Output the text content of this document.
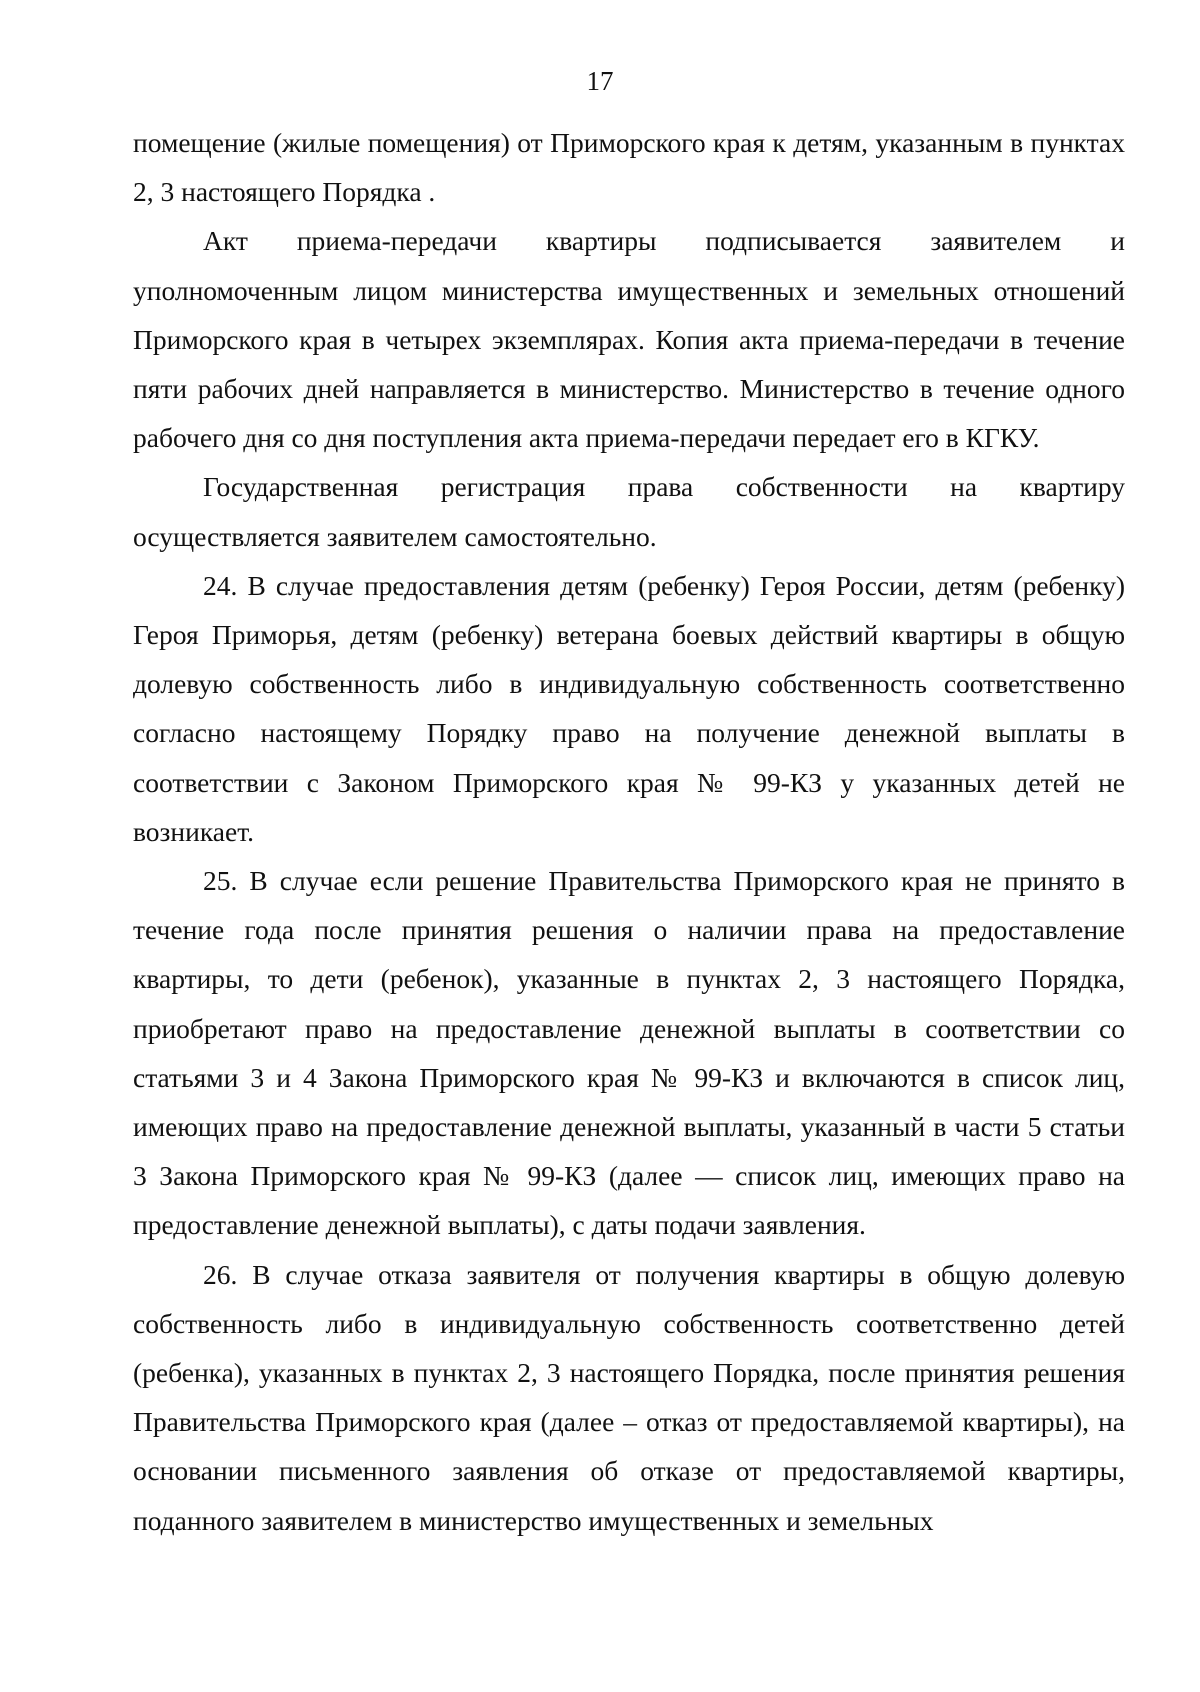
17

помещение (жилые помещения) от Приморского края к детям, указанным в пунктах 2, 3 настоящего Порядка .

Акт приема-передачи квартиры подписывается заявителем и уполномоченным лицом министерства имущественных и земельных отношений Приморского края в четырех экземплярах. Копия акта приема-передачи в течение пяти рабочих дней направляется в министерство. Министерство в течение одного рабочего дня со дня поступления акта приема-передачи передает его в КГКУ.

Государственная регистрация права собственности на квартиру осуществляется заявителем самостоятельно.

24. В случае предоставления детям (ребенку) Героя России, детям (ребенку) Героя Приморья, детям (ребенку) ветерана боевых действий квартиры в общую долевую собственность либо в индивидуальную собственность соответственно согласно настоящему Порядку право на получение денежной выплаты в соответствии с Законом Приморского края № 99-КЗ у указанных детей не возникает.

25. В случае если решение Правительства Приморского края не принято в течение года после принятия решения о наличии права на предоставление квартиры, то дети (ребенок), указанные в пунктах 2, 3 настоящего Порядка, приобретают право на предоставление денежной выплаты в соответствии со статьями 3 и 4 Закона Приморского края № 99-КЗ и включаются в список лиц, имеющих право на предоставление денежной выплаты, указанный в части 5 статьи 3 Закона Приморского края № 99-КЗ (далее — список лиц, имеющих право на предоставление денежной выплаты), с даты подачи заявления.

26. В случае отказа заявителя от получения квартиры в общую долевую собственность либо в индивидуальную собственность соответственно детей (ребенка), указанных в пунктах 2, 3 настоящего Порядка, после принятия решения Правительства Приморского края (далее – отказ от предоставляемой квартиры), на основании письменного заявления об отказе от предоставляемой квартиры, поданного заявителем в министерство имущественных и земельных
